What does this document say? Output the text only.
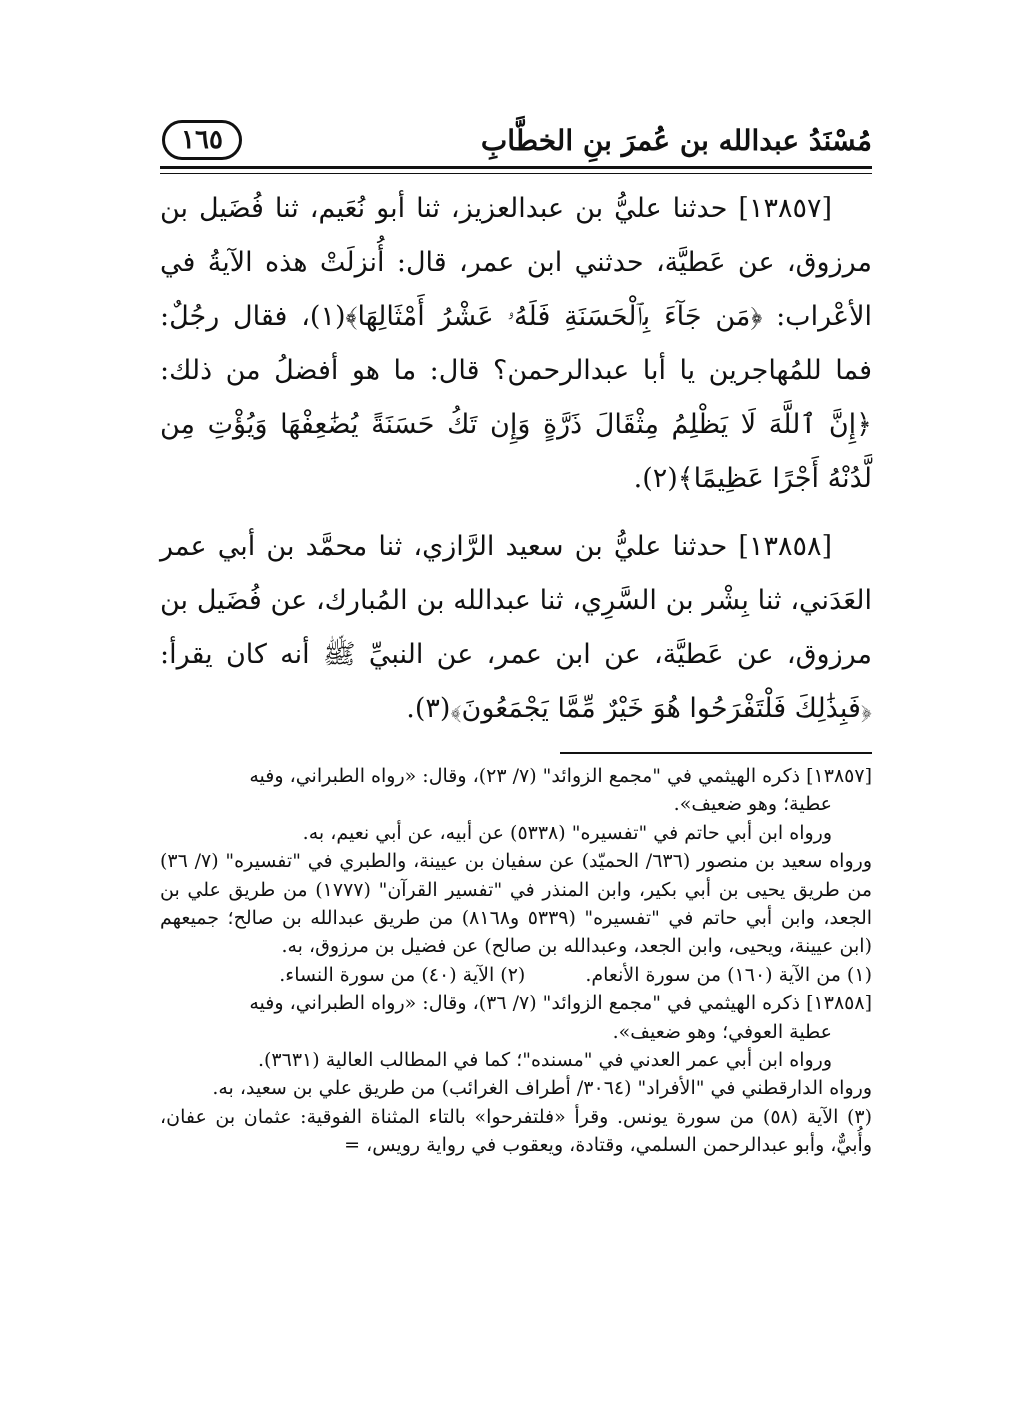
مُسْنَدُ عبدالله بن عُمرَ بنِ الخطَّابِ
١٦٥

[١٣٨٥٧] حدثنا عليُّ بن عبدالعزيز، ثنا أبو نُعَيم، ثنا فُضَيل بن مرزوق، عن عَطيَّة، حدثني ابن عمر، قال: أُنزلَتْ هذه الآيةُ في الأعْراب: ﴿مَن جَآءَ بِٱلْحَسَنَةِ فَلَهُۥ عَشْرُ أَمْثَالِهَا﴾(١)، فقال رجُلٌ: فما للمُهاجرين يا أبا عبدالرحمن؟ قال: ما هو أفضلُ من ذلك: ﴿إِنَّ ٱللَّهَ لَا يَظْلِمُ مِثْقَالَ ذَرَّةٍ وَإِن تَكُ حَسَنَةً يُضَٰعِفْهَا وَيُؤْتِ مِن لَّدُنْهُ أَجْرًا عَظِيمًا﴾(٢).

[١٣٨٥٨] حدثنا عليُّ بن سعيد الرَّازي، ثنا محمَّد بن أبي عمر العَدَني، ثنا بِشْر بن السَّرِي، ثنا عبدالله بن المُبارك، عن فُضَيل بن مرزوق، عن عَطيَّة، عن ابن عمر، عن النبيِّ ﷺ أنه كان يقرأ: ﴿فَبِذَٰلِكَ فَلْتَفْرَحُوا هُوَ خَيْرٌ مِّمَّا يَجْمَعُونَ﴾(٣).

[١٣٨٥٧] ذكره الهيثمي في "مجمع الزوائد" (٧/ ٢٣)، وقال: «رواه الطبراني، وفيه

عطية؛ وهو ضعيف».

ورواه ابن أبي حاتم في "تفسيره" (٥٣٣٨) عن أبيه، عن أبي نعيم، به.

ورواه سعيد بن منصور (٦٣٦/ الحميّد) عن سفيان بن عيينة، والطبري في "تفسيره" (٧/ ٣٦) من طريق يحيى بن أبي بكير، وابن المنذر في "تفسير القرآن" (١٧٧٧) من طريق علي بن الجعد، وابن أبي حاتم في "تفسيره" (٥٣٣٩ و٨١٦٨) من طريق عبدالله بن صالح؛ جميعهم (ابن عيينة، ويحيى، وابن الجعد، وعبدالله بن صالح) عن فضيل بن مرزوق، به.

(١) من الآية (١٦٠) من سورة الأنعام.
(٢) الآية (٤٠) من سورة النساء.

[١٣٨٥٨] ذكره الهيثمي في "مجمع الزوائد" (٧/ ٣٦)، وقال: «رواه الطبراني، وفيه

عطية العوفي؛ وهو ضعيف».

ورواه ابن أبي عمر العدني في "مسنده"؛ كما في المطالب العالية (٣٦٣١).

ورواه الدارقطني في "الأفراد" (٣٠٦٤/ أطراف الغرائب) من طريق علي بن سعيد، به.

(٣) الآية (٥٨) من سورة يونس. وقرأ «فلتفرحوا» بالتاء المثناة الفوقية: عثمان بن عفان، وأُبيٌّ، وأبو عبدالرحمن السلمي، وقتادة، ويعقوب في رواية رويس، =
